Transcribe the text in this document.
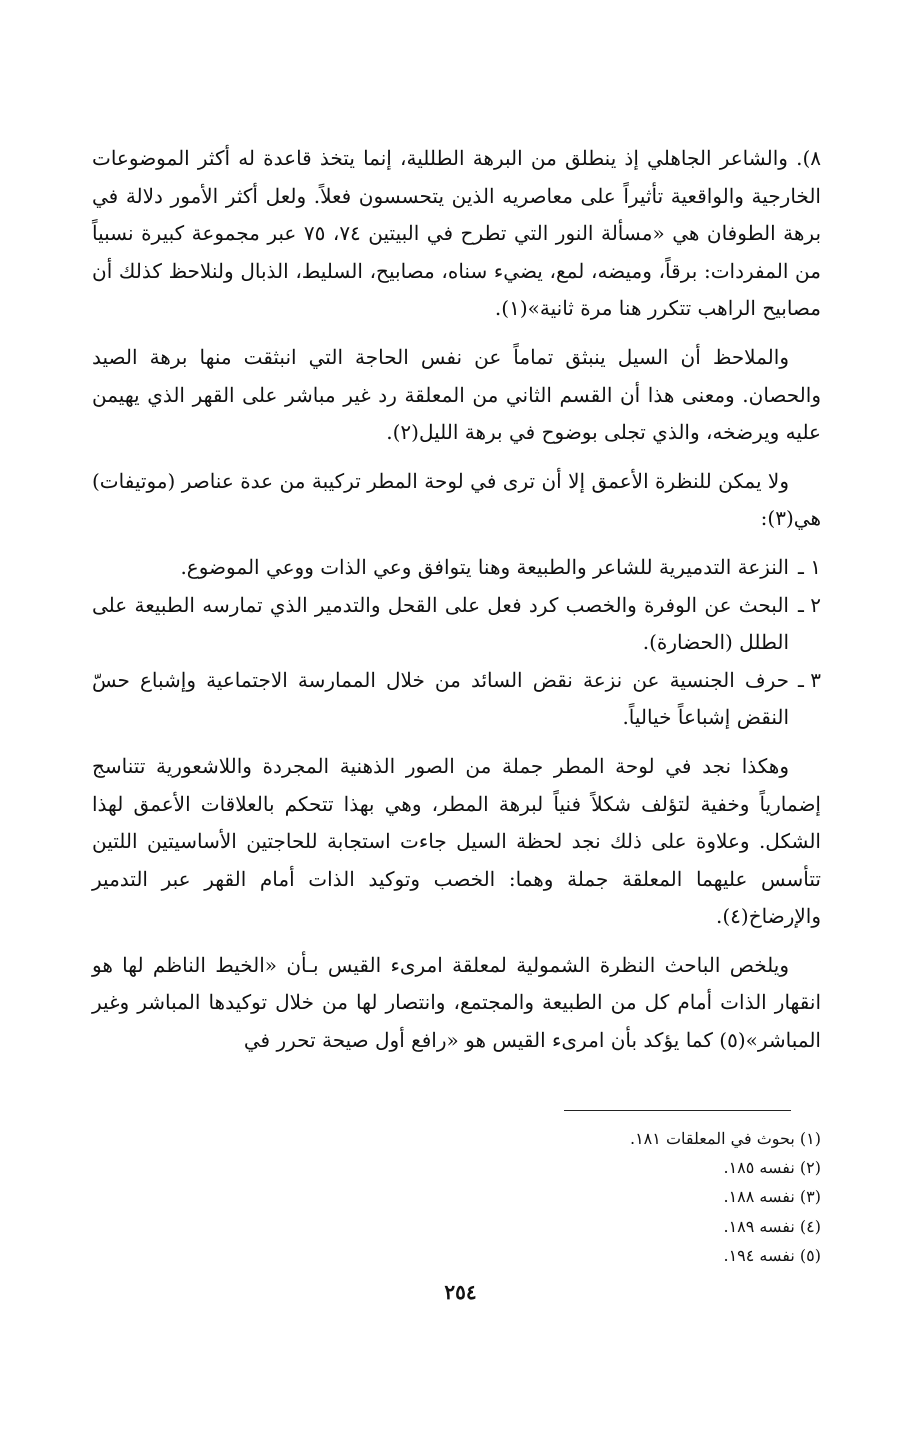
٨). والشاعر الجاهلي إذ ينطلق من البرهة الطللية، إنما يتخذ قاعدة له أكثر الموضوعات الخارجية والواقعية تأثيراً على معاصريه الذين يتحسسون فعلاً. ولعل أكثر الأمور دلالة في برهة الطوفان هي «مسألة النور التي تطرح في البيتين ٧٤، ٧٥ عبر مجموعة كبيرة نسبياً من المفردات: برقاً، وميضه، لمع، يضيء سناه، مصابيح، السليط، الذبال ولنلاحظ كذلك أن مصابيح الراهب تتكرر هنا مرة ثانية»(١).

والملاحظ أن السيل ينبثق تماماً عن نفس الحاجة التي انبثقت منها برهة الصيد والحصان. ومعنى هذا أن القسم الثاني من المعلقة رد غير مباشر على القهر الذي يهيمن عليه ويرضخه، والذي تجلى بوضوح في برهة الليل(٢).

ولا يمكن للنظرة الأعمق إلا أن ترى في لوحة المطر تركيبة من عدة عناصر (موتيفات) هي(٣):

١ ـ
النزعة التدميرية للشاعر والطبيعة وهنا يتوافق وعي الذات ووعي الموضوع.
٢ ـ
البحث عن الوفرة والخصب كرد فعل على القحل والتدمير الذي تمارسه الطبيعة على الطلل (الحضارة).
٣ ـ
حرف الجنسية عن نزعة نقض السائد من خلال الممارسة الاجتماعية وإشباع حسّ النقض إشباعاً خيالياً.

وهكذا نجد في لوحة المطر جملة من الصور الذهنية المجردة واللاشعورية تتناسج إضمارياً وخفية لتؤلف شكلاً فنياً لبرهة المطر، وهي بهذا تتحكم بالعلاقات الأعمق لهذا الشكل. وعلاوة على ذلك نجد لحظة السيل جاءت استجابة للحاجتين الأساسيتين اللتين تتأسس عليهما المعلقة جملة وهما: الخصب وتوكيد الذات أمام القهر عبر التدمير والإرضاخ(٤).

ويلخص الباحث النظرة الشمولية لمعلقة امرىء القيس بـأن «الخيط الناظم لها هو انقهار الذات أمام كل من الطبيعة والمجتمع، وانتصار لها من خلال توكيدها المباشر وغير المباشر»(٥) كما يؤكد بأن امرىء القيس هو «رافع أول صيحة تحرر في

(١) بحوث في المعلقات ١٨١.
(٢) نفسه ١٨٥.
(٣) نفسه ١٨٨.
(٤) نفسه ١٨٩.
(٥) نفسه ١٩٤.
٢٥٤
